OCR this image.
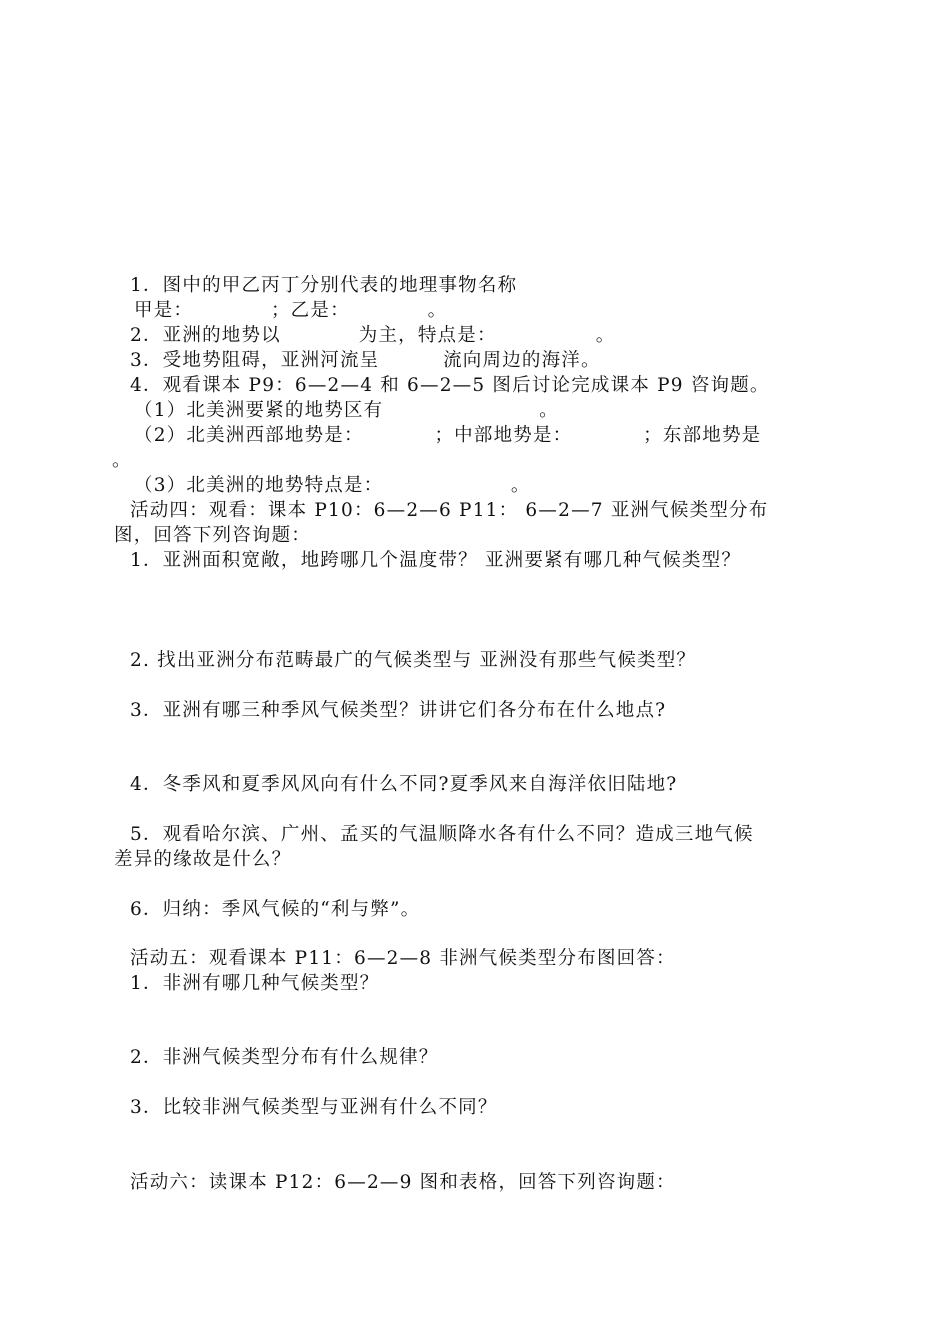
1．图中的甲乙丙丁分别代表的地理事物名称
甲是：           ；乙是：           。
2．亚洲的地势以           为主，特点是：              。
3．受地势阻碍，亚洲河流呈         流向周边的海洋。
4．观看课本 P9：6—2—4 和 6—2—5 图后讨论完成课本 P9 咨询题。
（1）北美洲要紧的地势区有                      。
（2）北美洲西部地势是：          ；中部地势是：          ；东部地势是
。
（3）北美洲的地势特点是：                  。
活动四：观看：课本 P10：6—2—6 P11： 6—2—7 亚洲气候类型分布
图，回答下列咨询题：
1．亚洲面积宽敞，地跨哪几个温度带？ 亚洲要紧有哪几种气候类型？
2. 找出亚洲分布范畴最广的气候类型与 亚洲没有那些气候类型？
3．亚洲有哪三种季风气候类型？讲讲它们各分布在什么地点?
4．冬季风和夏季风风向有什么不同?夏季风来自海洋依旧陆地?
5．观看哈尔滨、广州、孟买的气温顺降水各有什么不同？造成三地气候
差异的缘故是什么？
6．归纳：季风气候的“利与弊”。
活动五：观看课本 P11：6—2—8 非洲气候类型分布图回答：
1．非洲有哪几种气候类型？
2．非洲气候类型分布有什么规律？
3．比较非洲气候类型与亚洲有什么不同？
活动六：读课本 P12：6—2—9 图和表格，回答下列咨询题：
